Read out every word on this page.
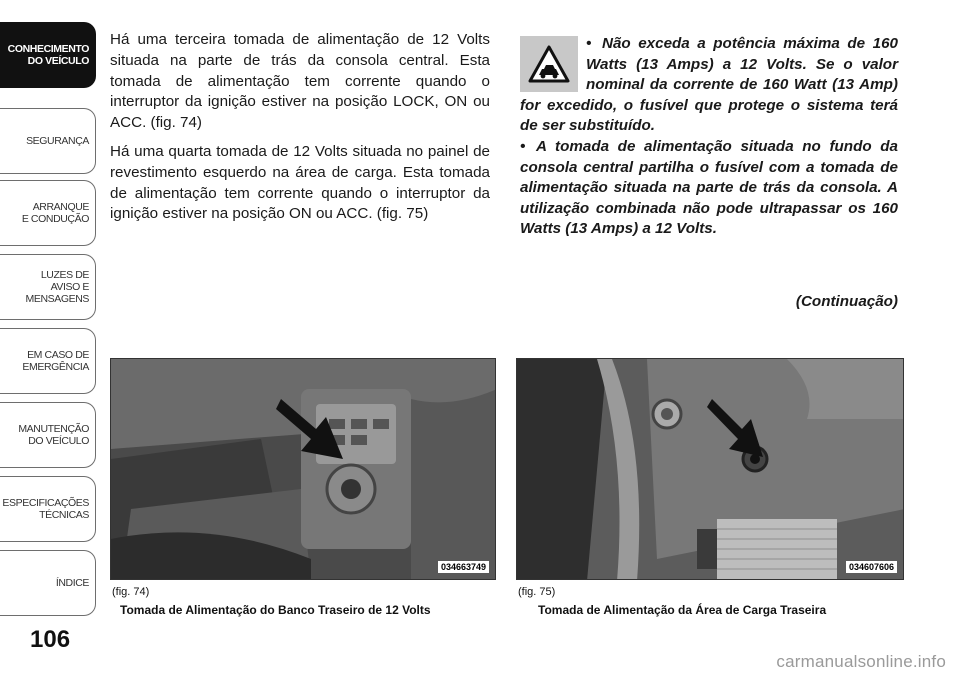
CONHECIMENTO
DO VEÍCULO
SEGURANÇA
ARRANQUE
E CONDUÇÃO
LUZES DE
AVISO E
MENSAGENS
EM CASO DE
EMERGÊNCIA
MANUTENÇÃO
DO VEÍCULO
ESPECIFICAÇÕES
TÉCNICAS
ÍNDICE
106

Há uma terceira tomada de alimentação de 12 Volts situada na parte de trás da consola central. Esta tomada de alimentação tem corrente quando o interruptor da ignição estiver na posição LOCK, ON ou ACC. (fig. 74)

Há uma quarta tomada de 12 Volts situada no painel de revestimento esquerdo na área de carga. Esta tomada de alimentação tem corrente quando o interruptor da ignição estiver na posição ON ou ACC. (fig. 75)

• Não exceda a potência máxima de 160 Watts (13 Amps) a 12 Volts. Se o valor nominal da corrente de 160 Watt (13 Amp) for excedido, o fusível que protege o sistema terá de ser substituído.

• A tomada de alimentação situada no fundo da consola central partilha o fusível com a tomada de alimentação situada na parte de trás da consola. A utilização combinada não pode ultrapassar os 160 Watts (13 Amps) a 12 Volts.

(Continuação)
034663749
(fig. 74)
Tomada de Alimentação do Banco Traseiro de 12 Volts
034607606
(fig. 75)
Tomada de Alimentação da Área de Carga Traseira
carmanualsonline.info
